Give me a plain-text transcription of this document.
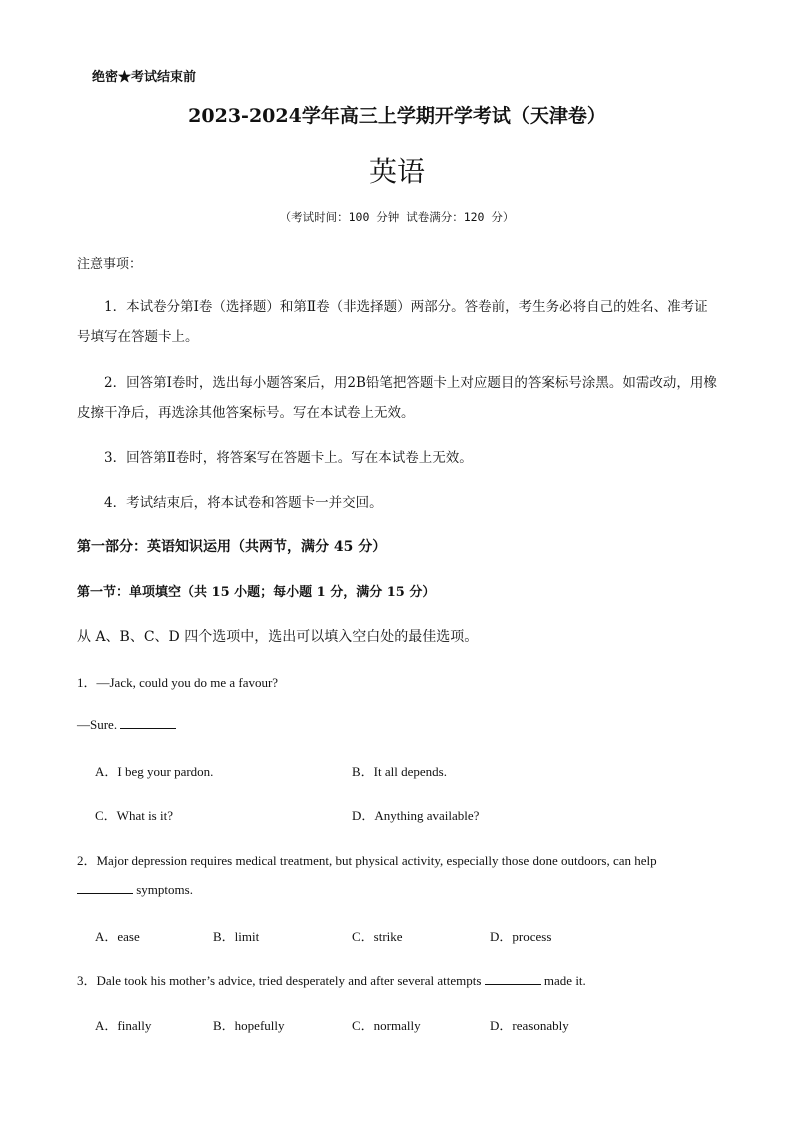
绝密★考试结束前
2023-2024学年高三上学期开学考试（天津卷）
英语
（考试时间：100 分钟 试卷满分：120 分）
注意事项：
1．本试卷分第Ⅰ卷（选择题）和第Ⅱ卷（非选择题）两部分。答卷前，考生务必将自己的姓名、准考证号填写在答题卡上。
2．回答第Ⅰ卷时，选出每小题答案后，用2B铅笔把答题卡上对应题目的答案标号涂黑。如需改动，用橡皮擦干净后，再选涂其他答案标号。写在本试卷上无效。
3．回答第Ⅱ卷时，将答案写在答题卡上。写在本试卷上无效。
4．考试结束后，将本试卷和答题卡一并交回。
第一部分：英语知识运用（共两节，满分 45 分）
第一节：单项填空（共 15 小题；每小题 1 分，满分 15 分）
从 A、B、C、D 四个选项中，选出可以填入空白处的最佳选项。
1．—Jack, could you do me a favour?
—Sure.
A．I beg your pardon.	B．It all depends.
C．What is it?	D．Anything available?
2．Major depression requires medical treatment, but physical activity, especially those done outdoors, can help
symptoms.
A．ease	B．limit	C．strike	D．process
3．Dale took his mother’s advice, tried desperately and after several attempts	made it.
A．finally	B．hopefully	C．normally	D．reasonably
